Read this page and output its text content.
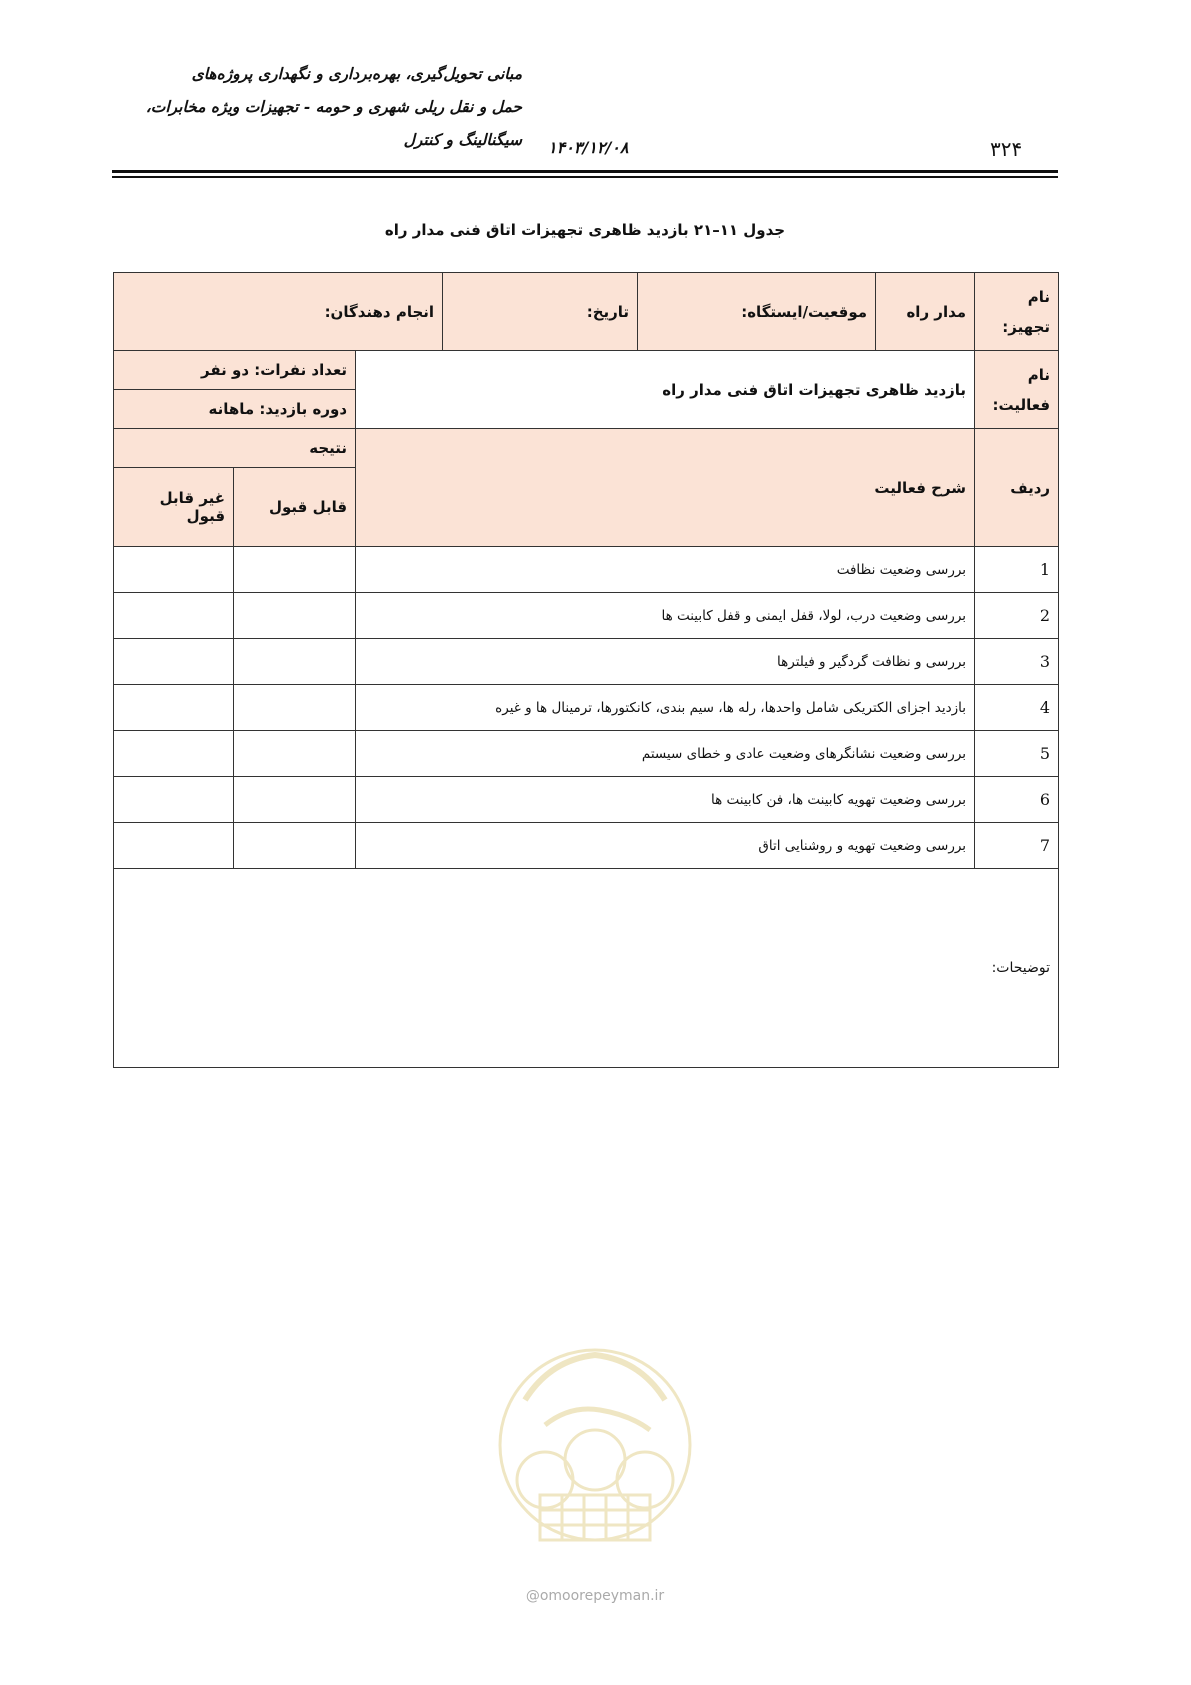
مبانی تحویل‌گیری، بهره‌برداری و نگهداری پروژه‌های
حمل و نقل ریلی شهری و حومه - تجهیزات ویژه مخابرات،
سیگنالینگ و کنترل ۱۴۰۳/۱۲/۰۸	۳۲۴
جدول ۱۱–۲۱ بازدید ظاهری تجهیزات اتاق فنی مدار راه
نام تجهیز:	مدار راه	موقعیت/ایستگاه:	تاریخ:	انجام دهندگان:		
نام فعالیت:	بازدید ظاهری تجهیزات اتاق فنی مدار راه				تعداد نفرات: دو نفر	
					دوره بازدید: ماهانه	
ردیف	شرح فعالیت				نتیجه	
					قابل قبول	غیر قابل قبول
1	بررسی وضعیت نظافت					
2	بررسی وضعیت درب، لولا، قفل ایمنی و قفل کابینت ها					
3	بررسی و نظافت گردگیر و فیلترها					
4	بازدید اجزای الکتریکی شامل واحدها، رله ها، سیم بندی، کانکتورها، ترمینال ها و غیره					
5	بررسی وضعیت نشانگرهای وضعیت عادی و خطای سیستم					
6	بررسی وضعیت تهویه کابینت ها، فن کابینت ها					
7	بررسی وضعیت تهویه و روشنایی اتاق					
توضیحات:						
@omoorepeyman.ir
